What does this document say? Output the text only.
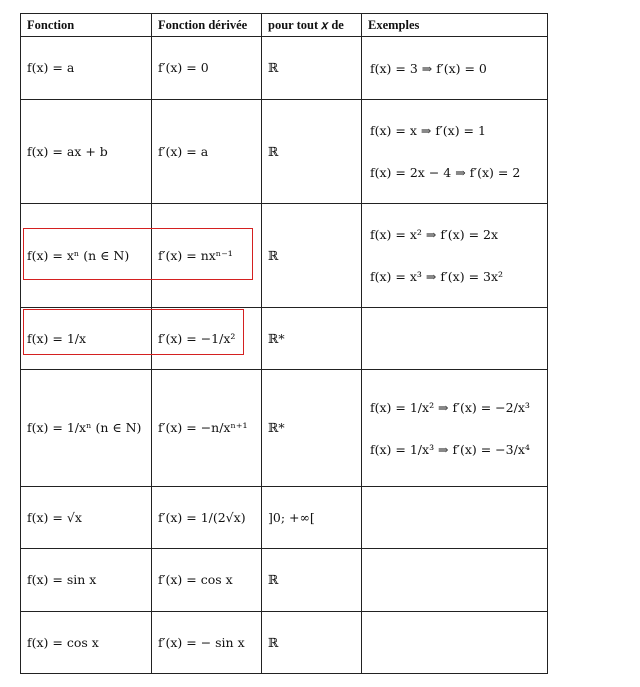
Fonction	Fonction dérivée	pour tout 𝑥 de	Exemples
f(x) = a	f′(x) = 0	ℝ	f(x) = 3 ⇒ f′(x) = 0

f(x) = ax + b	f′(x) = a	ℝ	f(x) = x ⇒ f′(x) = 1
f(x) = 2x − 4 ⇒ f′(x) = 2

f(x) = xⁿ (n ∈ N)	f′(x) = nxⁿ⁻¹	ℝ	f(x) = x² ⇒ f′(x) = 2x
f(x) = x³ ⇒ f′(x) = 3x²

f(x) = 1/x	f′(x) = −1/x²	ℝ*	
f(x) = 1/xⁿ (n ∈ N)	f′(x) = −n/xⁿ⁺¹	ℝ*	f(x) = 1/x² ⇒ f′(x) = −2/x³
f(x) = 1/x³ ⇒ f′(x) = −3/x⁴

f(x) = √x	f′(x) = 1/(2√x)	]0; +∞[	
f(x) = sin x	f′(x) = cos x	ℝ	
f(x) = cos x	f′(x) = − sin x	ℝ	
